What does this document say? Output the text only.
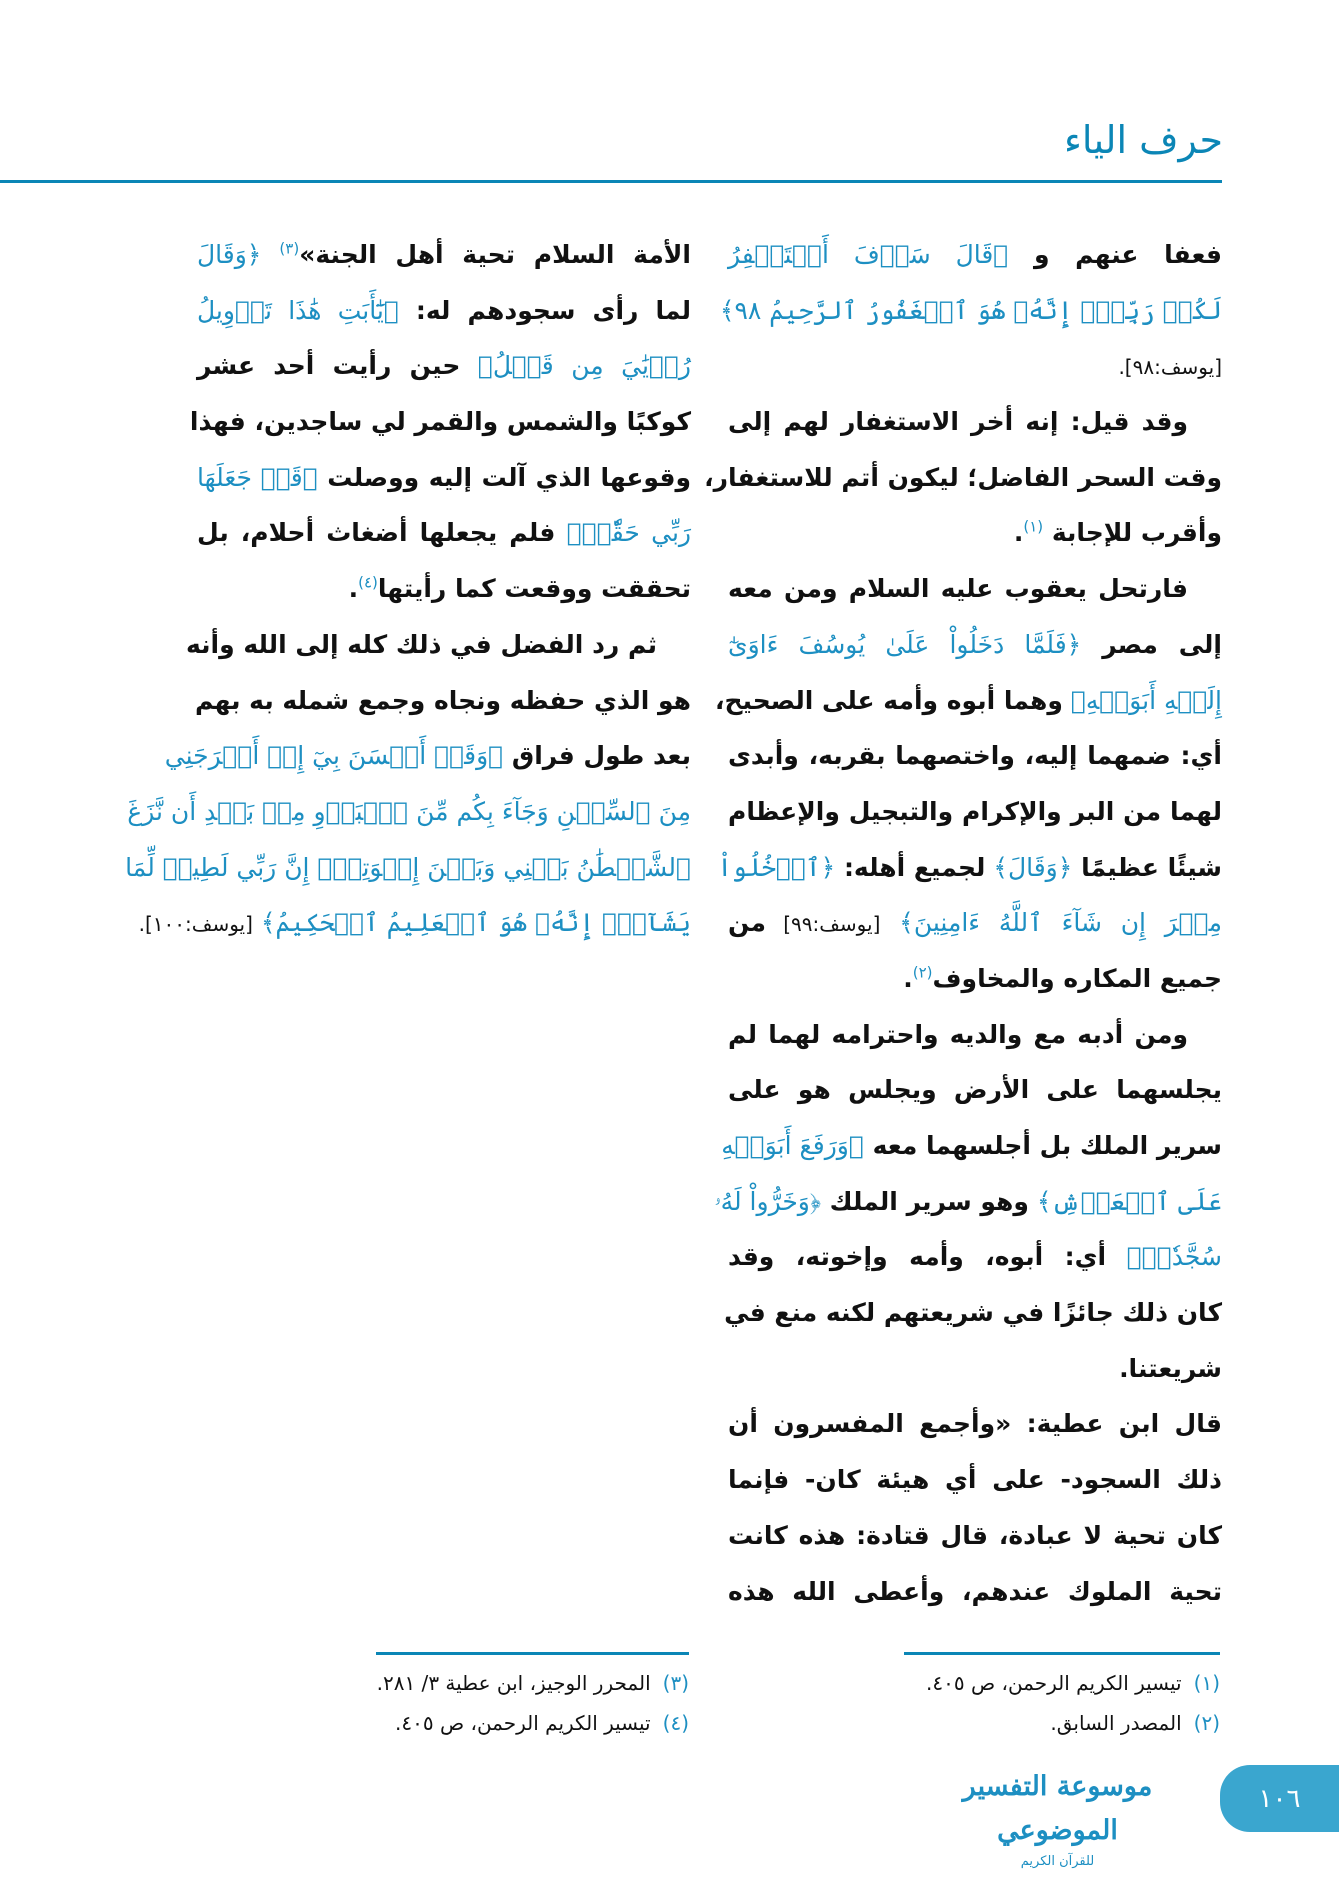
حرف الياء
فعفا عنهم و ﴿قَالَ سَوۡفَ أَسۡتَغۡفِرُ
لَكُمۡ رَبِّيٓۖ إِنَّهُۥ هُوَ ٱلۡغَفُورُ ٱلرَّحِيمُ ٩٨﴾
[يوسف:٩٨].
وقد قيل: إنه أخر الاستغفار لهم إلى
وقت السحر الفاضل؛ ليكون أتم للاستغفار،
وأقرب للإجابة $^{(١)}$.
فارتحل يعقوب عليه السلام ومن معه
إلى مصر ﴿فَلَمَّا دَخَلُواْ عَلَىٰ يُوسُفَ ءَاوَىٰٓ
إِلَيۡهِ أَبَوَيۡهِ﴾ وهما أبوه وأمه على الصحيح،
أي: ضمهما إليه، واختصهما بقربه، وأبدى
لهما من البر والإكرام والتبجيل والإعظام
شيئًا عظيمًا ﴿وَقَالَ﴾ لجميع أهله: ﴿ٱدۡخُلُواْ
مِصۡرَ إِن شَآءَ ٱللَّهُ ءَامِنِينَ﴾ [يوسف:٩٩] من
جميع المكاره والمخاوف$^{(٢)}$.
ومن أدبه مع والديه واحترامه لهما لم
يجلسهما على الأرض ويجلس هو على
سرير الملك بل أجلسهما معه ﴿وَرَفَعَ أَبَوَيۡهِ
عَلَى ٱلۡعَرۡشِ﴾ وهو سرير الملك ﴿وَخَرُّواْ لَهُۥ
سُجَّدٗاۖ﴾ أي: أبوه، وأمه وإخوته، وقد
كان ذلك جائزًا في شريعتهم لكنه منع في
شريعتنا.
قال ابن عطية: «وأجمع المفسرون أن
ذلك السجود- على أي هيئة كان- فإنما
كان تحية لا عبادة، قال قتادة: هذه كانت
تحية الملوك عندهم، وأعطى الله هذه
الأمة السلام تحية أهل الجنة»$^{(٣)}$ ﴿وَقَالَ
لما رأى سجودهم له: ﴿يَٰٓأَبَتِ هَٰذَا تَأۡوِيلُ
رُءۡيَٰيَ مِن قَبۡلُ﴾ حين رأيت أحد عشر
كوكبًا والشمس والقمر لي ساجدين، فهذا
وقوعها الذي آلت إليه ووصلت ﴿قَدۡ جَعَلَهَا
رَبِّي حَقّٗاۖ﴾ فلم يجعلها أضغاث أحلام، بل
تحققت ووقعت كما رأيتها$^{(٤)}$.
ثم رد الفضل في ذلك كله إلى الله وأنه
هو الذي حفظه ونجاه وجمع شمله به بهم
بعد طول فراق ﴿وَقَدۡ أَحۡسَنَ بِيٓ إِذۡ أَخۡرَجَنِي
مِنَ ٱلسِّجۡنِ وَجَآءَ بِكُم مِّنَ ٱلۡبَدۡوِ مِنۢ بَعۡدِ أَن نَّزَغَ
ٱلشَّيۡطَٰنُ بَيۡنِي وَبَيۡنَ إِخۡوَتِيٓۚ إِنَّ رَبِّي لَطِيفٞ لِّمَا
يَشَآءُۚ إِنَّهُۥ هُوَ ٱلۡعَلِيمُ ٱلۡحَكِيمُ﴾ [يوسف:١٠٠].
(١)تيسير الكريم الرحمن، ص ٤٠٥.
(٢)المصدر السابق.
(٣)المحرر الوجيز، ابن عطية ٣/ ٢٨١.
(٤)تيسير الكريم الرحمن، ص ٤٠٥.
موسوعة التفسير الموضوعي
للقرآن الكريم
١٠٦
